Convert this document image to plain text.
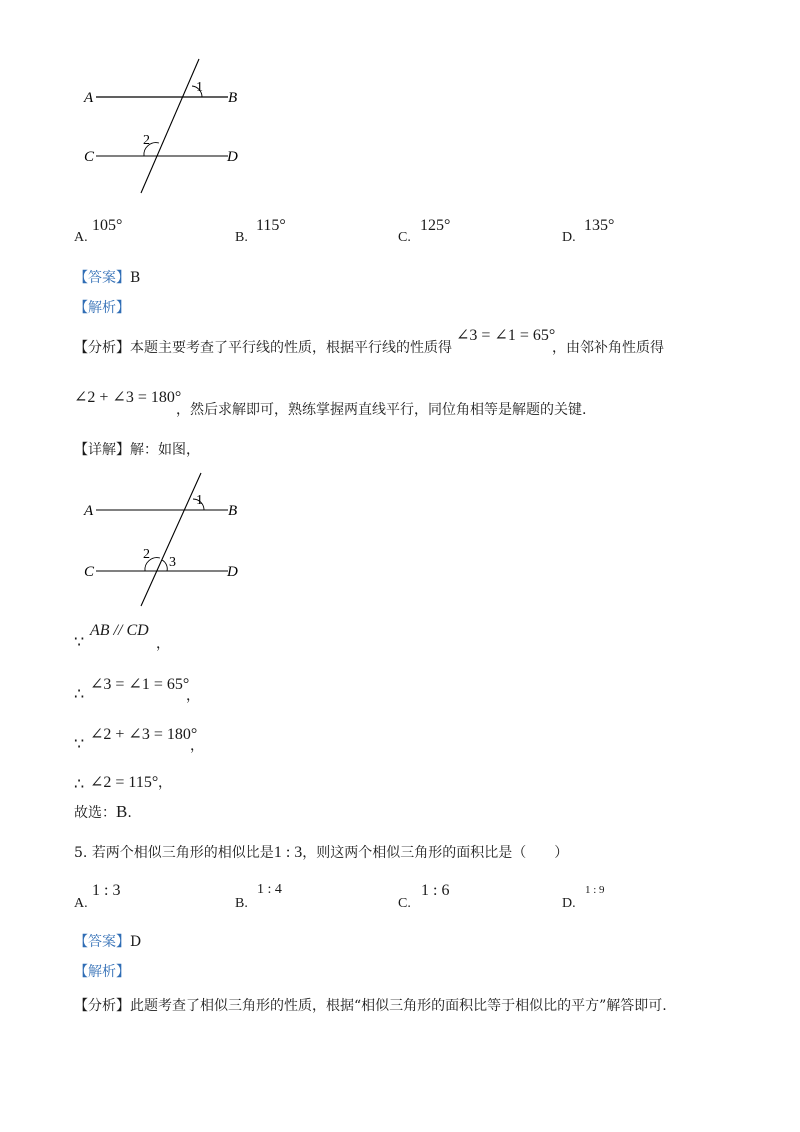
A	B
C	D
1
2
A.
105°
B.
115°
C.
125°
D.
135°
【答案】B
【解析】
【分析】本题主要考查了平行线的性质，根据平行线的性质得
∠3 = ∠1 = 65°
，由邻补角性质得
∠2 + ∠3 = 180°
，然后求解即可，熟练掌握两直线平行，同位角相等是解题的关键.
【详解】解：如图，
A	B
C	D
1
2
3
∵
AB // CD
，
∴
∠3 = ∠1 = 65°
，
∵
∠2 + ∠3 = 180°
，
∴ ∠2 = 115° ，
故选：B.
5. 若两个相似三角形的相似比是1 : 3，则这两个相似三角形的面积比是（　　）
A.
1 : 3
B.
1 : 4
C.
1 : 6
D.
1 : 9
【答案】D
【解析】
【分析】此题考查了相似三角形的性质，根据“相似三角形的面积比等于相似比的平方”解答即可.
